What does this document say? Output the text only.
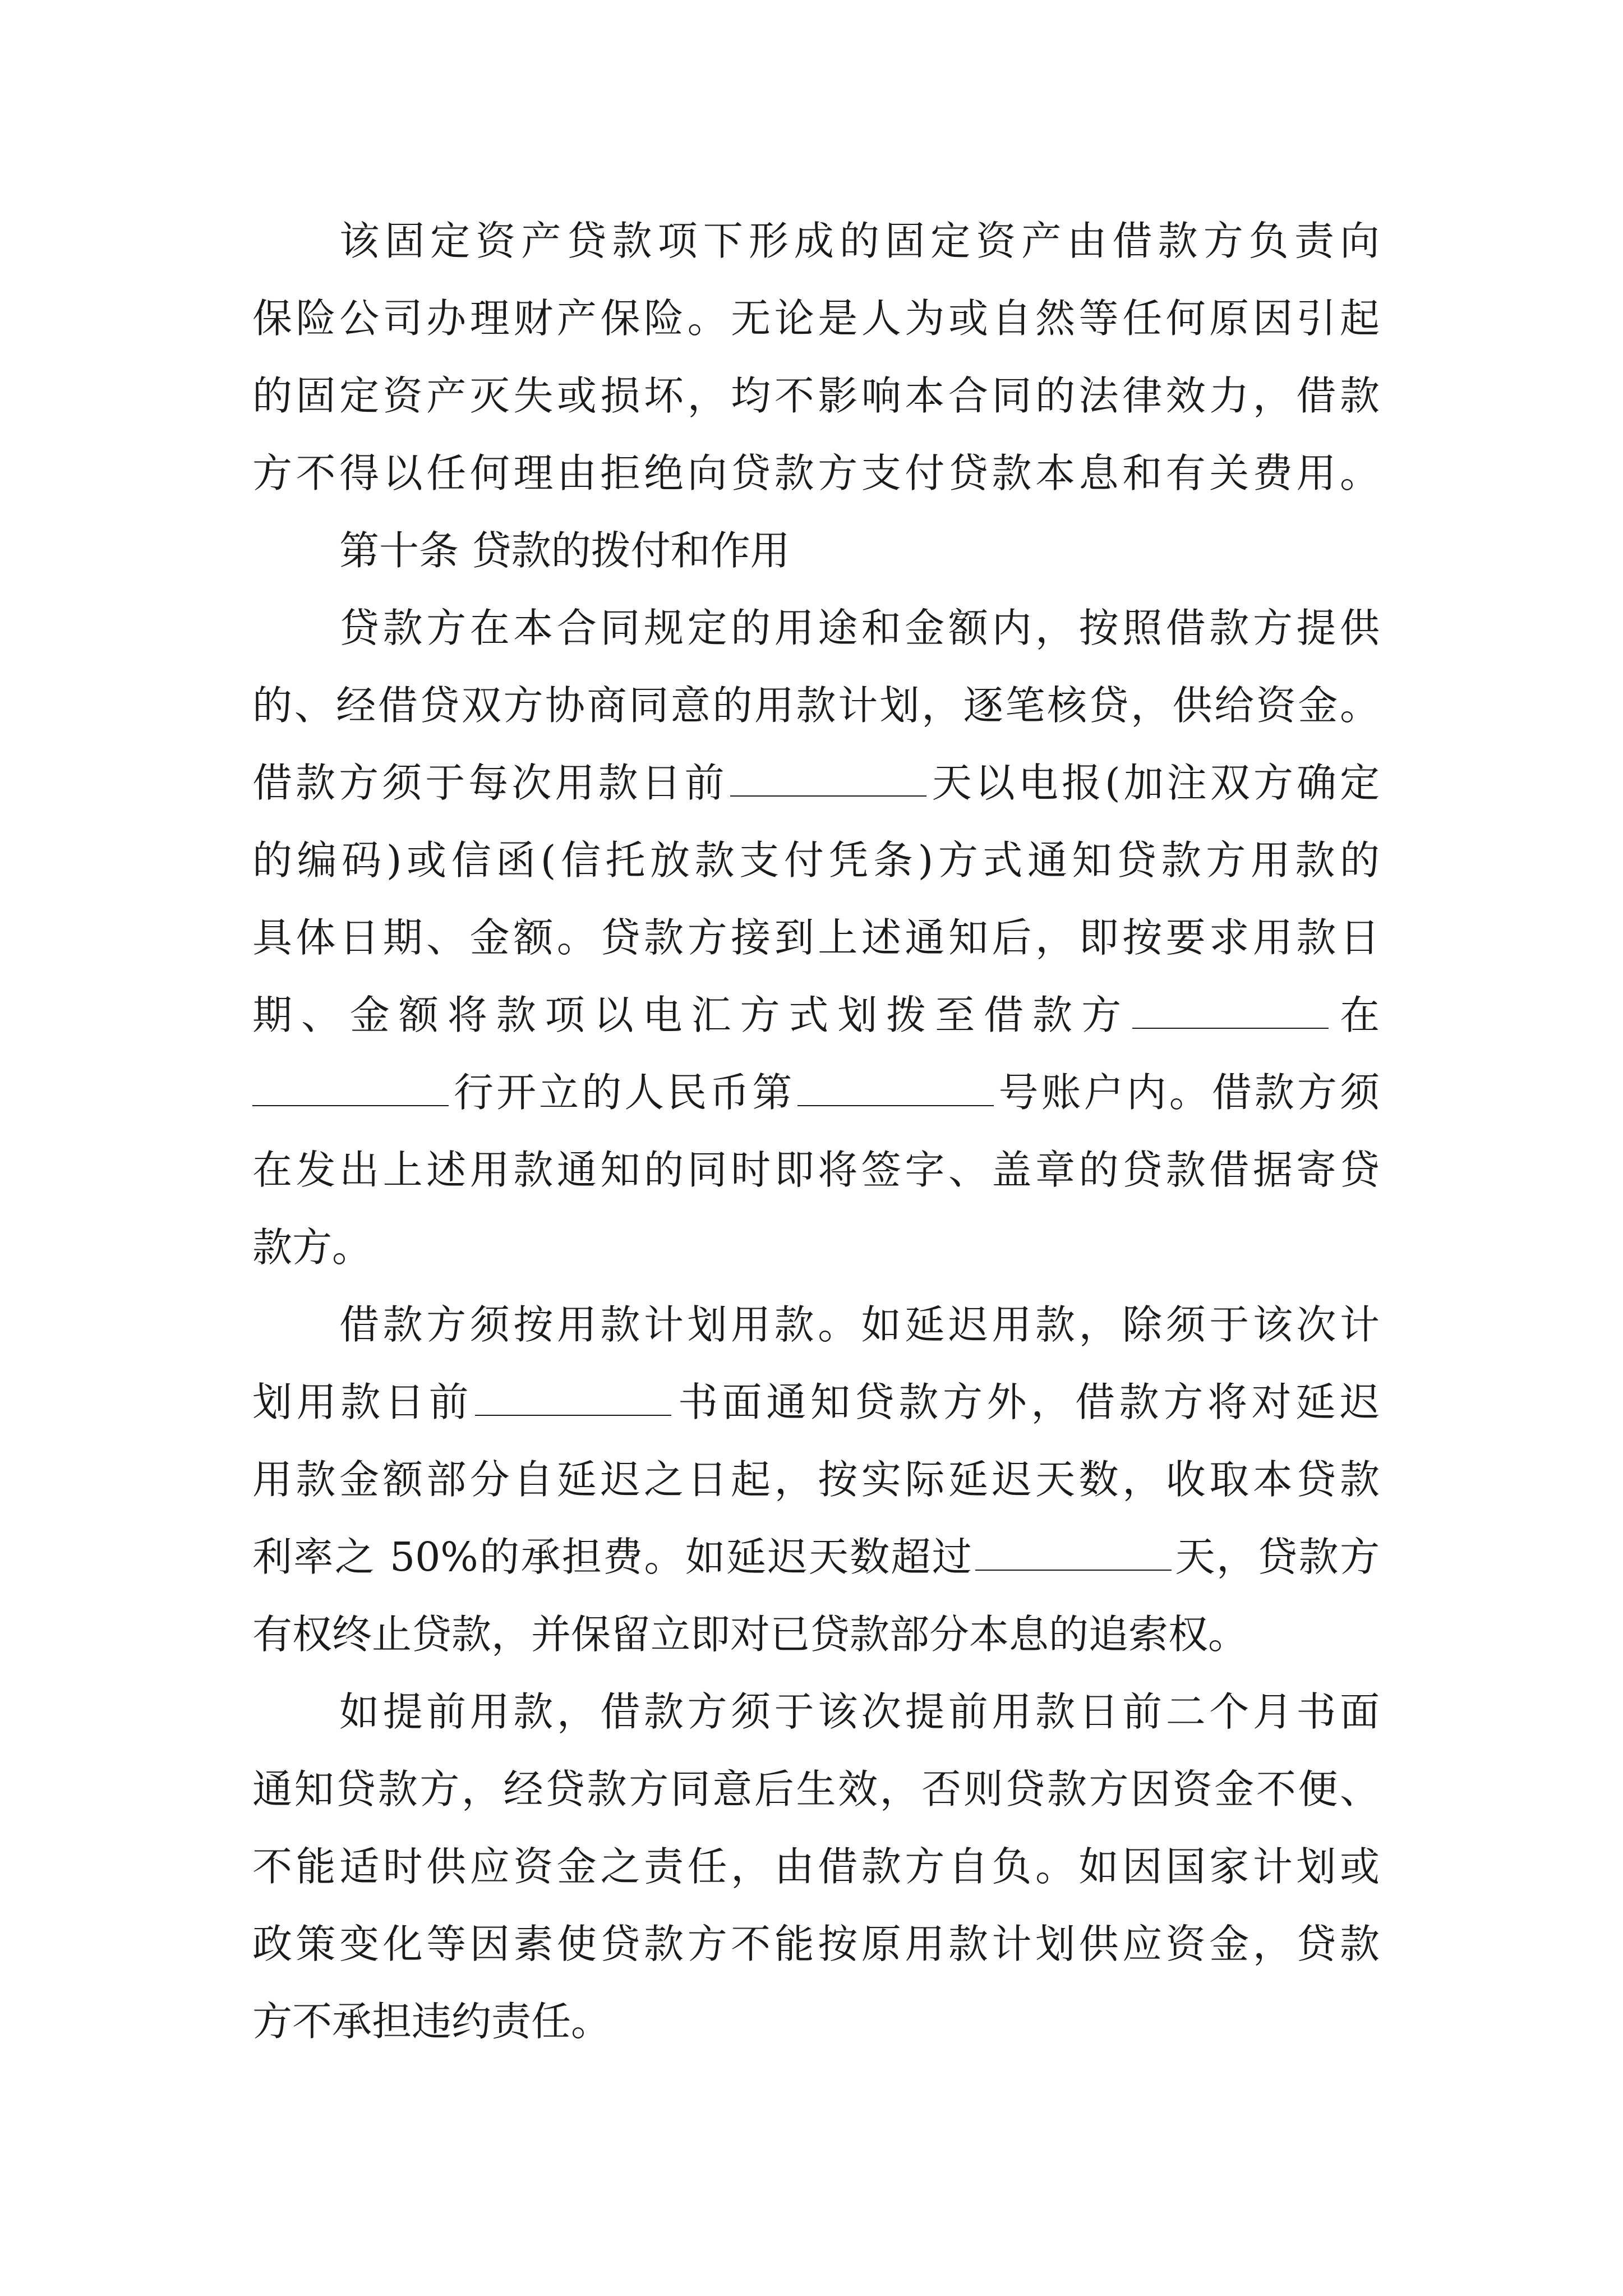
该固定资产贷款项下形成的固定资产由借款方负责向
保险公司办理财产保险。无论是人为或自然等任何原因引起
的固定资产灭失或损坏，均不影响本合同的法律效力，借款
方不得以任何理由拒绝向贷款方支付贷款本息和有关费用。
第十条 贷款的拨付和作用
贷款方在本合同规定的用途和金额内，按照借款方提供
的、经借贷双方协商同意的用款计划，逐笔核贷，供给资金。
借款方须于每次用款日前	天以电报(加注双方确定
的编码)或信函(信托放款支付凭条)方式通知贷款方用款的
具体日期、金额。贷款方接到上述通知后，即按要求用款日
期、金额将款项以电汇方式划拨至借款方	在
行开立的人民币第	号账户内。借款方须
在发出上述用款通知的同时即将签字、盖章的贷款借据寄贷
款方。
借款方须按用款计划用款。如延迟用款，除须于该次计
划用款日前	书面通知贷款方外，借款方将对延迟
用款金额部分自延迟之日起，按实际延迟天数，收取本贷款
利率之 50%的承担费。如延迟天数超过	天，贷款方
有权终止贷款，并保留立即对已贷款部分本息的追索权。
如提前用款，借款方须于该次提前用款日前二个月书面
通知贷款方，经贷款方同意后生效，否则贷款方因资金不便、
不能适时供应资金之责任，由借款方自负。如因国家计划或
政策变化等因素使贷款方不能按原用款计划供应资金，贷款
方不承担违约责任。
